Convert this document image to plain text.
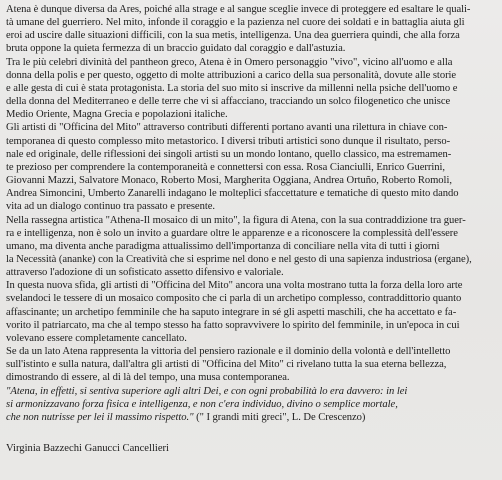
Atena è dunque diversa da Ares, poiché alla strage e al sangue sceglie invece di proteggere ed esaltare le quali-
tà umane del guerriero. Nel mito, infonde il coraggio e la pazienza nel cuore dei soldati e in battaglia aiuta gli
eroi ad uscire dalle situazioni difficili, con la sua metis, intelligenza. Una dea guerriera quindi, che alla forza
bruta oppone la quieta fermezza di un braccio guidato dal coraggio e dall'astuzia.
Tra le più celebri divinità del pantheon greco, Atena è in Omero personaggio "vivo", vicino all'uomo e alla
donna della polis e per questo, oggetto di molte attribuzioni a carico della sua personalità, dovute alle storie
e alle gesta di cui è stata protagonista. La storia del suo mito si inscrive da millenni nella psiche dell'uomo e
della donna del Mediterraneo e delle terre che vi si affacciano, tracciando un solco filogenetico che unisce
Medio Oriente, Magna Grecia e popolazioni italiche.
Gli artisti di "Officina del Mito" attraverso contributi differenti portano avanti una rilettura in chiave con-
temporanea di questo complesso mito metastorico. I diversi tributi artistici sono dunque il risultato, perso-
nale ed originale, delle riflessioni dei singoli artisti su un mondo lontano, quello classico, ma estremamen-
te prezioso per comprendere la contemporaneità e connettersi con essa. Rosa Cianciulli, Enrico Guerrini,
Giovanni Mazzi, Salvatore Monaco, Roberto Mosi, Margherita Oggiana, Andrea Ortuño, Roberto Romoli,
Andrea Simoncini, Umberto Zanarelli indagano le molteplici sfaccettature e tematiche di questo mito dando
vita ad un dialogo continuo tra passato e presente.
Nella rassegna artistica "Athena-Il mosaico di un mito", la figura di Atena, con la sua contraddizione tra guer-
ra e intelligenza, non è solo un invito a guardare oltre le apparenze e a riconoscere la complessità dell'essere
umano, ma diventa anche paradigma attualissimo dell'importanza di conciliare nella vita di tutti i giorni
la Necessità (ananke) con la Creatività che si esprime nel dono e nel gesto di una sapienza industriosa (ergane),
attraverso l'adozione di un sofisticato assetto difensivo e valoriale.
In questa nuova sfida, gli artisti di "Officina del Mito" ancora una volta mostrano tutta la forza della loro arte
svelandoci le tessere di un mosaico composito che ci parla di un archetipo complesso, contraddittorio quanto
affascinante; un archetipo femminile che ha saputo integrare in sé gli aspetti maschili, che ha accettato e fa-
vorito il patriarcato, ma che al tempo stesso ha fatto sopravvivere lo spirito del femminile, in un'epoca in cui
volevano essere completamente cancellato.
Se da un lato Atena rappresenta la vittoria del pensiero razionale e il dominio della volontà e dell'intelletto
sull'istinto e sulla natura, dall'altra gli artisti di "Officina del Mito" ci rivelano tutta la sua eterna bellezza,
dimostrando di essere, al di là del tempo, una musa contemporanea.
"Atena, in effetti, si sentiva superiore agli altri Dei, e con ogni probabilità lo era davvero: in lei
si armonizzavano forza fisica e intelligenza, e non c'era individuo, divino o semplice mortale,
che non nutrisse per lei il massimo rispetto." (" I grandi miti greci", L. De Crescenzo)
Virginia Bazzechi Ganucci Cancellieri
